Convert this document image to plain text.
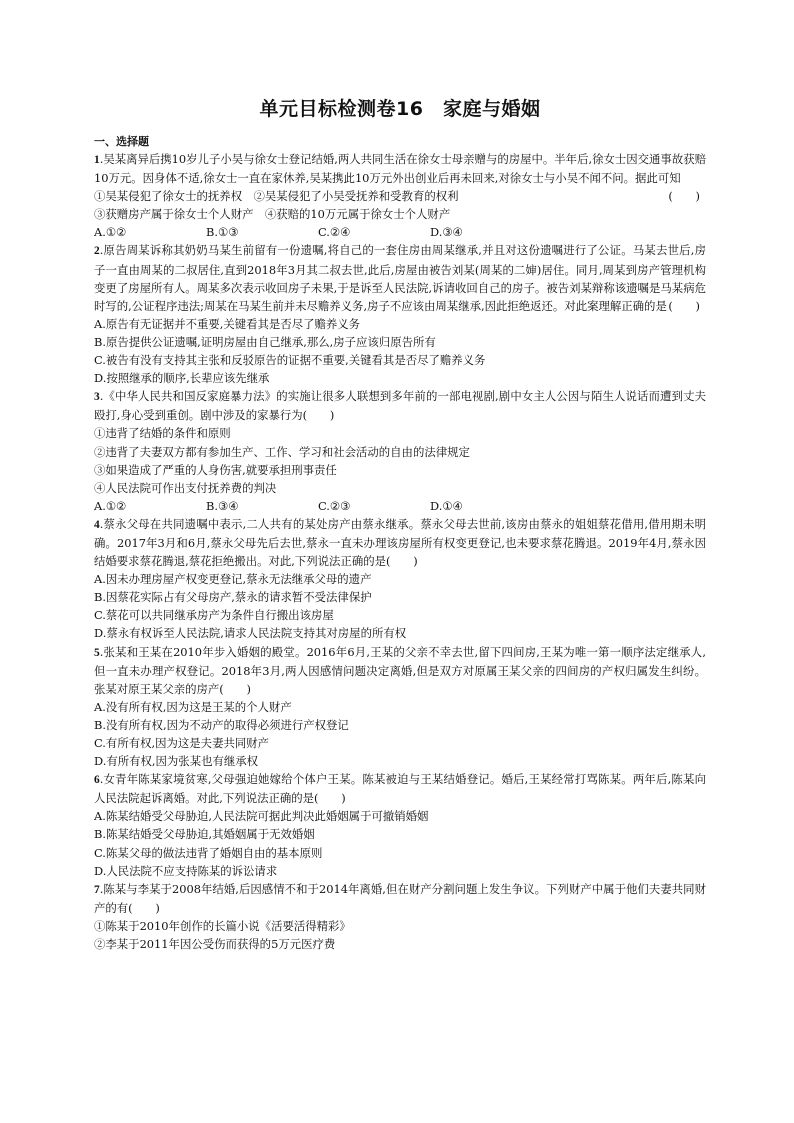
单元目标检测卷16　家庭与婚姻

一、选择题

1.吴某离异后携10岁儿子小吴与徐女士登记结婚,两人共同生活在徐女士母亲赠与的房屋中。半年后,徐女士因交通事故获赔10万元。因身体不适,徐女士一直在家休养,吴某携此10万元外出创业后再未回来,对徐女士与小吴不闻不问。据此可知
(　　)

①吴某侵犯了徐女士的抚养权　②吴某侵犯了小吴受抚养和受教育的权利

③获赠房产属于徐女士个人财产　④获赔的10万元属于徐女士个人财产

A.①②	B.①③	C.②④	D.③④

2.原告周某诉称其奶奶马某生前留有一份遗嘱,将自己的一套住房由周某继承,并且对这份遗嘱进行了公证。马某去世后,房子一直由周某的二叔居住,直到2018年3月其二叔去世,此后,房屋由被告刘某(周某的二婶)居住。同月,周某到房产管理机构变更了房屋所有人。周某多次表示收回房子未果,于是诉至人民法院,诉请收回自己的房子。被告刘某辩称该遗嘱是马某病危时写的,公证程序违法;周某在马某生前并未尽赡养义务,房子不应该由周某继承,因此拒绝返还。对此案理解正确的是 (　　)

A.原告有无证据并不重要,关键看其是否尽了赡养义务

B.原告提供公证遗嘱,证明房屋由自己继承,那么,房子应该归原告所有

C.被告有没有支持其主张和反驳原告的证据不重要,关键看其是否尽了赡养义务

D.按照继承的顺序,长辈应该先继承

3.《中华人民共和国反家庭暴力法》的实施让很多人联想到多年前的一部电视剧,剧中女主人公因与陌生人说话而遭到丈夫殴打,身心受到重创。剧中涉及的家暴行为(　　)

①违背了结婚的条件和原则

②违背了夫妻双方都有参加生产、工作、学习和社会活动的自由的法律规定

③如果造成了严重的人身伤害,就要承担刑事责任

④人民法院可作出支付抚养费的判决

A.①②	B.③④	C.②③	D.①④

4.蔡永父母在共同遗嘱中表示,二人共有的某处房产由蔡永继承。蔡永父母去世前,该房由蔡永的姐姐蔡花借用,借用期未明确。2017年3月和6月,蔡永父母先后去世,蔡永一直未办理该房屋所有权变更登记,也未要求蔡花腾退。2019年4月,蔡永因结婚要求蔡花腾退,蔡花拒绝搬出。对此,下列说法正确的是(　　)

A.因未办理房屋产权变更登记,蔡永无法继承父母的遗产

B.因蔡花实际占有父母房产,蔡永的请求暂不受法律保护

C.蔡花可以共同继承房产为条件自行搬出该房屋

D.蔡永有权诉至人民法院,请求人民法院支持其对房屋的所有权

5.张某和王某在2010年步入婚姻的殿堂。2016年6月,王某的父亲不幸去世,留下四间房,王某为唯一第一顺序法定继承人,但一直未办理产权登记。2018年3月,两人因感情问题决定离婚,但是双方对原属王某父亲的四间房的产权归属发生纠纷。张某对原王某父亲的房产(　　)

A.没有所有权,因为这是王某的个人财产

B.没有所有权,因为不动产的取得必须进行产权登记

C.有所有权,因为这是夫妻共同财产

D.有所有权,因为张某也有继承权

6.女青年陈某家境贫寒,父母强迫她嫁给个体户王某。陈某被迫与王某结婚登记。婚后,王某经常打骂陈某。两年后,陈某向人民法院起诉离婚。对此,下列说法正确的是(　　)

A.陈某结婚受父母胁迫,人民法院可据此判决此婚姻属于可撤销婚姻

B.陈某结婚受父母胁迫,其婚姻属于无效婚姻

C.陈某父母的做法违背了婚姻自由的基本原则

D.人民法院不应支持陈某的诉讼请求

7.陈某与李某于2008年结婚,后因感情不和于2014年离婚,但在财产分割问题上发生争议。下列财产中属于他们夫妻共同财产的有(　　)

①陈某于2010年创作的长篇小说《活要活得精彩》

②李某于2011年因公受伤而获得的5万元医疗费
